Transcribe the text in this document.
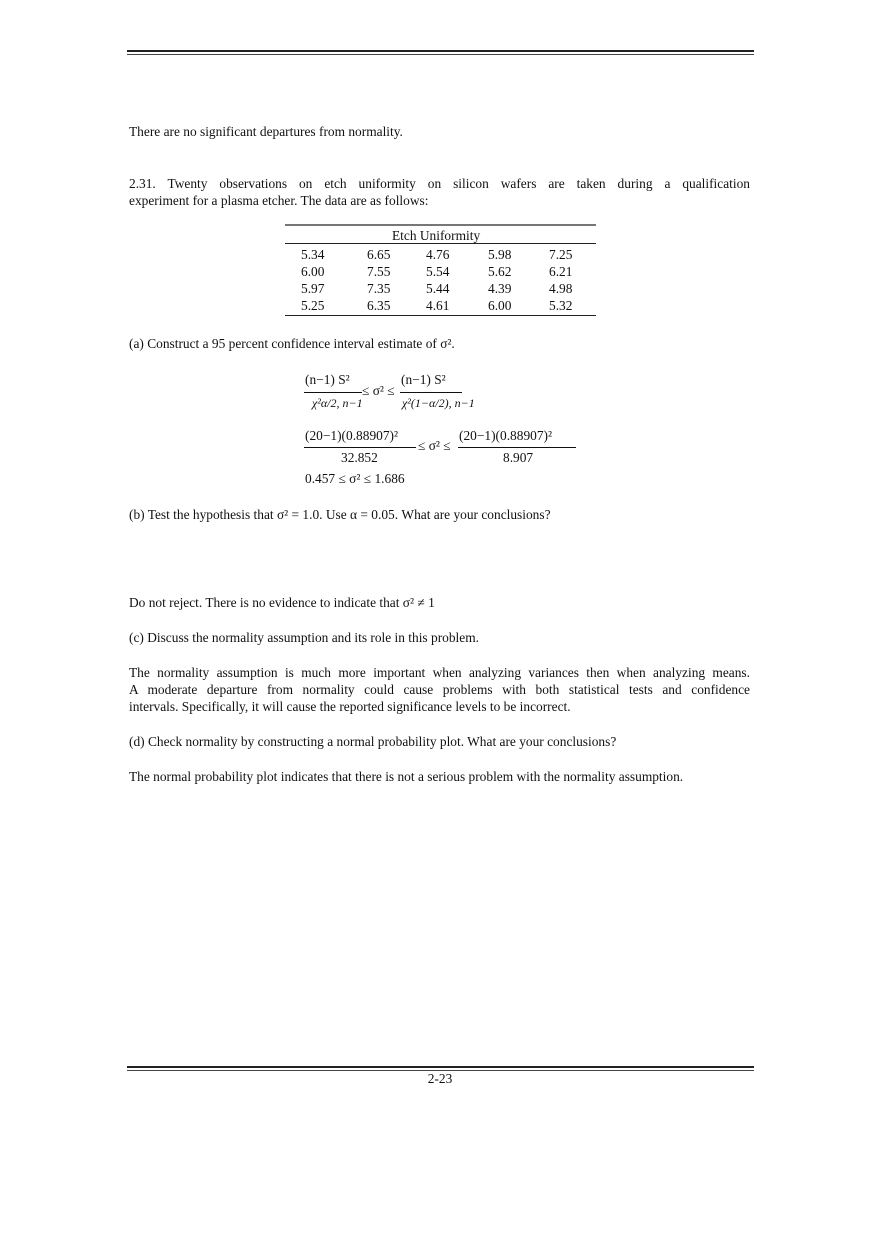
There are no significant departures from normality.
2.31. Twenty observations on etch uniformity on silicon wafers are taken during a qualification
experiment for a plasma etcher. The data are as follows:
Etch Uniformity
5.34	6.65	4.76	5.98	7.25
6.00	7.55	5.54	5.62	6.21
5.97	7.35	5.44	4.39	4.98
5.25	6.35	4.61	6.00	5.32
(a) Construct a 95 percent confidence interval estimate of σ².
(n−1) S²
≤ σ² ≤
(n−1) S²
χ²α/2, n−1	χ²(1−α/2), n−1
(20−1)(0.88907)²
≤ σ² ≤
(20−1)(0.88907)²
32.852	8.907
0.457 ≤ σ² ≤ 1.686
(b) Test the hypothesis that σ² = 1.0. Use α = 0.05. What are your conclusions?
Do not reject. There is no evidence to indicate that σ² ≠ 1
(c) Discuss the normality assumption and its role in this problem.
The normality assumption is much more important when analyzing variances then when analyzing means.
A moderate departure from normality could cause problems with both statistical tests and confidence
intervals. Specifically, it will cause the reported significance levels to be incorrect.
(d) Check normality by constructing a normal probability plot. What are your conclusions?
The normal probability plot indicates that there is not a serious problem with the normality assumption.
2-23
